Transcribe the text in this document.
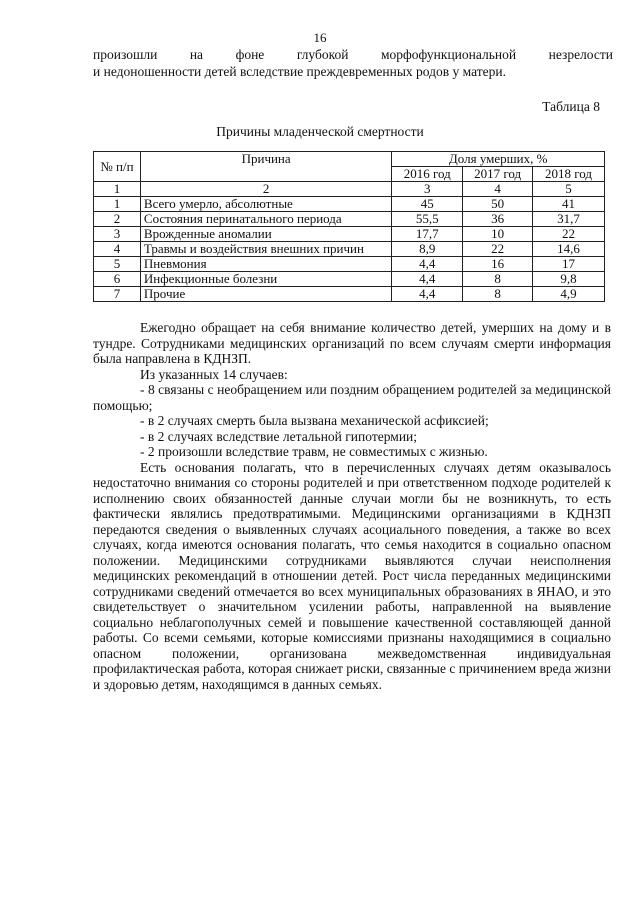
16
произошли на фоне глубокой морфофункциональной незрелости
и недоношенности детей вследствие преждевременных родов у матери.
Таблица 8
Причины младенческой смертности
№ п/п	Причина	Доля умерших, %		
		2016 год	2017 год	2018 год
1	2	3	4	5
1	Всего умерло, абсолютные	45	50	41
2	Состояния перинатального периода	55,5	36	31,7
3	Врожденные аномалии	17,7	10	22
4	Травмы и воздействия внешних причин	8,9	22	14,6
5	Пневмония	4,4	16	17
6	Инфекционные болезни	4,4	8	9,8
7	Прочие	4,4	8	4,9

Ежегодно обращает на себя внимание количество детей, умерших на дому и в тундре. Сотрудниками медицинских организаций по всем случаям смерти информация была направлена в КДНЗП.

Из указанных 14 случаев:

- 8 связаны с необращением или поздним обращением родителей за медицинской помощью;

- в 2 случаях смерть была вызвана механической асфиксией;

- в 2 случаях вследствие летальной гипотермии;

- 2 произошли вследствие травм, не совместимых с жизнью.

Есть основания полагать, что в перечисленных случаях детям оказывалось недостаточно внимания со стороны родителей и при ответственном подходе родителей к исполнению своих обязанностей данные случаи могли бы не возникнуть, то есть фактически являлись предотвратимыми. Медицинскими организациями в КДНЗП передаются сведения о выявленных случаях асоциального поведения, а также во всех случаях, когда имеются основания полагать, что семья находится в социально опасном положении. Медицинскими сотрудниками выявляются случаи неисполнения медицинских рекомендаций в отношении детей. Рост числа переданных медицинскими сотрудниками сведений отмечается во всех муниципальных образованиях в ЯНАО, и это свидетельствует о значительном усилении работы, направленной на выявление социально неблагополучных семей и повышение качественной составляющей данной работы. Со всеми семьями, которые комиссиями признаны находящимися в социально опасном положении, организована межведомственная индивидуальная профилактическая работа, которая снижает риски, связанные с причинением вреда жизни и здоровью детям, находящимся в данных семьях.
